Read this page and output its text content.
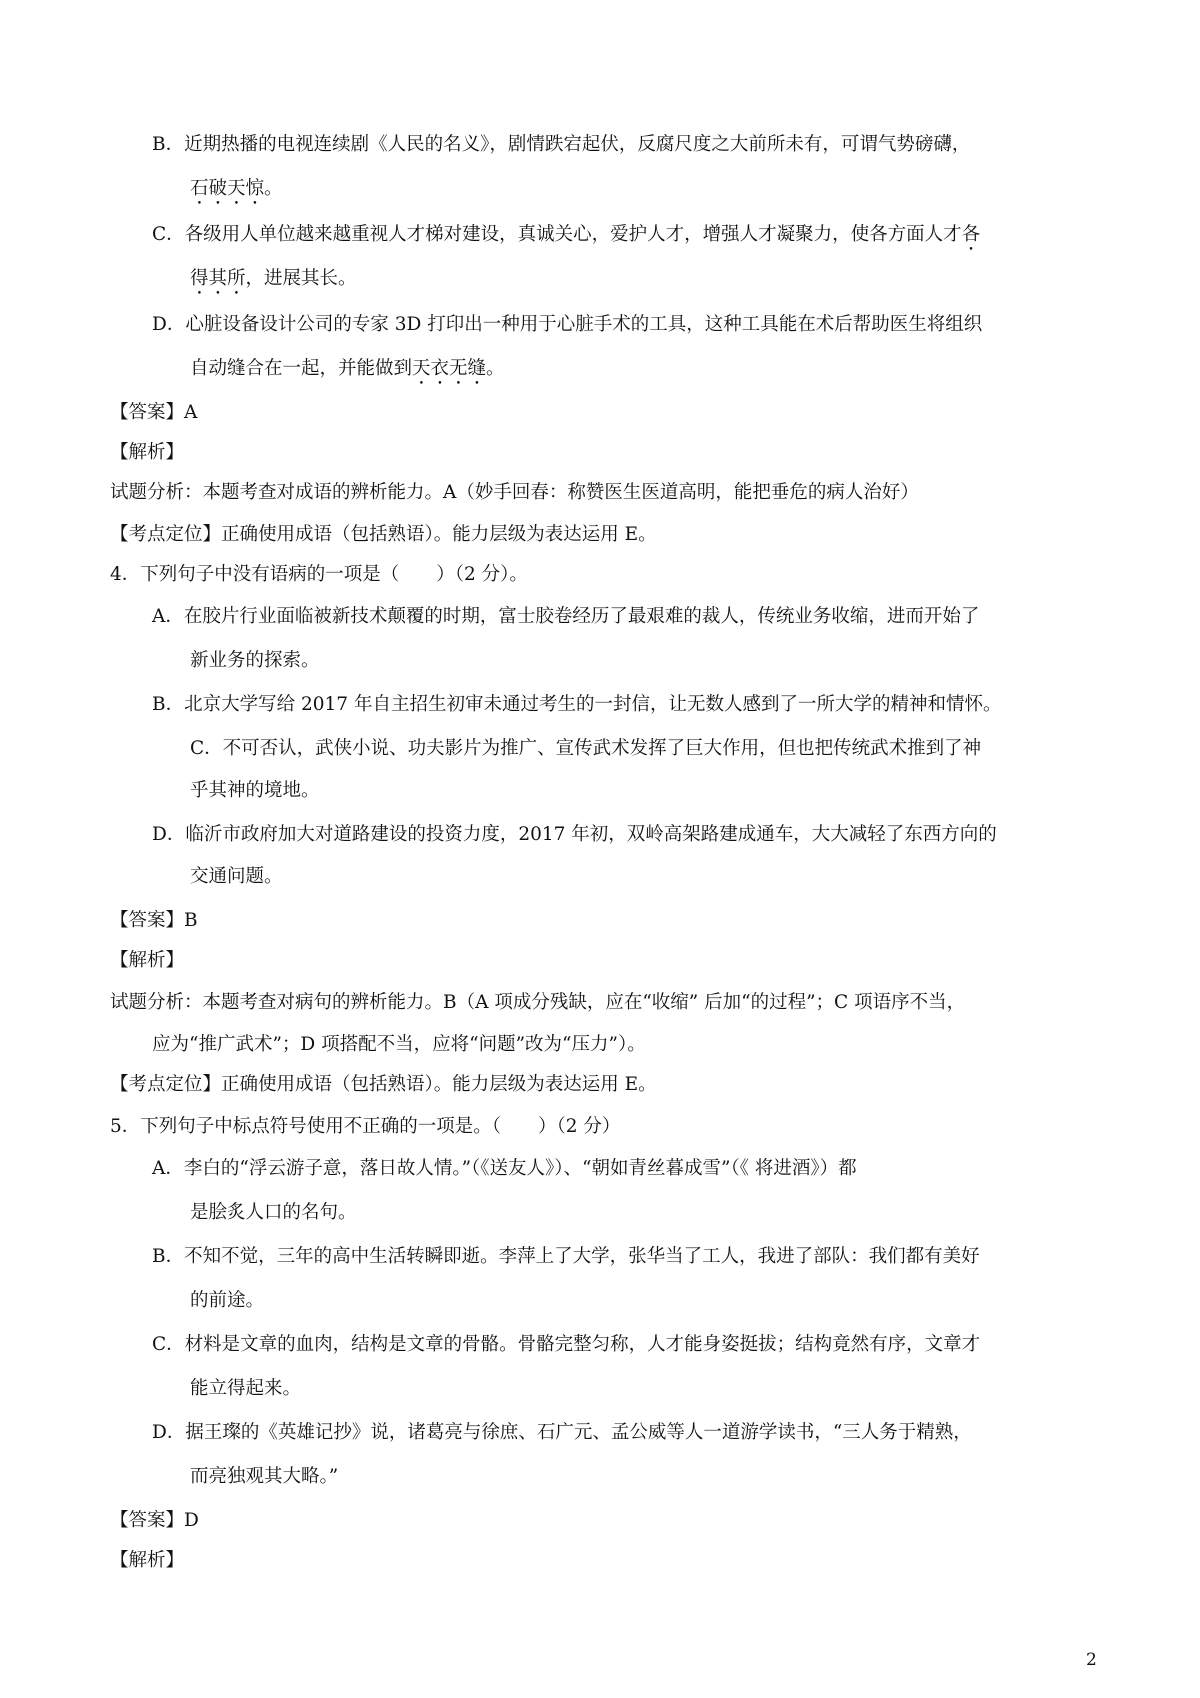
B．近期热播的电视连续剧《人民的名义》，剧情跌宕起伏，反腐尺度之大前所未有，可谓气势磅礴，
石破天惊。
C．各级用人单位越来越重视人才梯对建设，真诚关心，爱护人才，增强人才凝聚力，使各方面人才各
得其所，进展其长。
D．心脏设备设计公司的专家 3D 打印出一种用于心脏手术的工具，这种工具能在术后帮助医生将组织
自动缝合在一起，并能做到天衣无缝。
【答案】A
【解析】
试题分析：本题考查对成语的辨析能力。A（妙手回春：称赞医生医道高明，能把垂危的病人治好）
【考点定位】正确使用成语（包括熟语）。能力层级为表达运用 E。
4．下列句子中没有语病的一项是（　　）（2 分）。
A．在胶片行业面临被新技术颠覆的时期，富士胶卷经历了最艰难的裁人，传统业务收缩，进而开始了
新业务的探索。
B．北京大学写给 2017 年自主招生初审未通过考生的一封信，让无数人感到了一所大学的精神和情怀。
C．不可否认，武侠小说、功夫影片为推广、宣传武术发挥了巨大作用，但也把传统武术推到了神
乎其神的境地。
D．临沂市政府加大对道路建设的投资力度，2017 年初，双岭高架路建成通车，大大减轻了东西方向的
交通问题。
【答案】B
【解析】
试题分析：本题考查对病句的辨析能力。B（A 项成分残缺，应在“收缩” 后加“的过程”；C 项语序不当，
应为“推广武术”；D 项搭配不当，应将“问题”改为“压力”）。
【考点定位】正确使用成语（包括熟语）。能力层级为表达运用 E。
5．下列句子中标点符号使用不正确的一项是。（　　）（2 分）
A．李白的“浮云游子意，落日故人情。”（《送友人》）、“朝如青丝暮成雪”（《 将进酒》）都
是脍炙人口的名句。
B．不知不觉，三年的高中生活转瞬即逝。李萍上了大学，张华当了工人，我进了部队：我们都有美好
的前途。
C．材料是文章的血肉，结构是文章的骨骼。骨骼完整匀称，人才能身姿挺拔；结构竟然有序，文章才
能立得起来。
D．据王璨的《英雄记抄》说，诸葛亮与徐庶、石广元、孟公威等人一道游学读书，“三人务于精熟，
而亮独观其大略。”
【答案】D
【解析】
2
